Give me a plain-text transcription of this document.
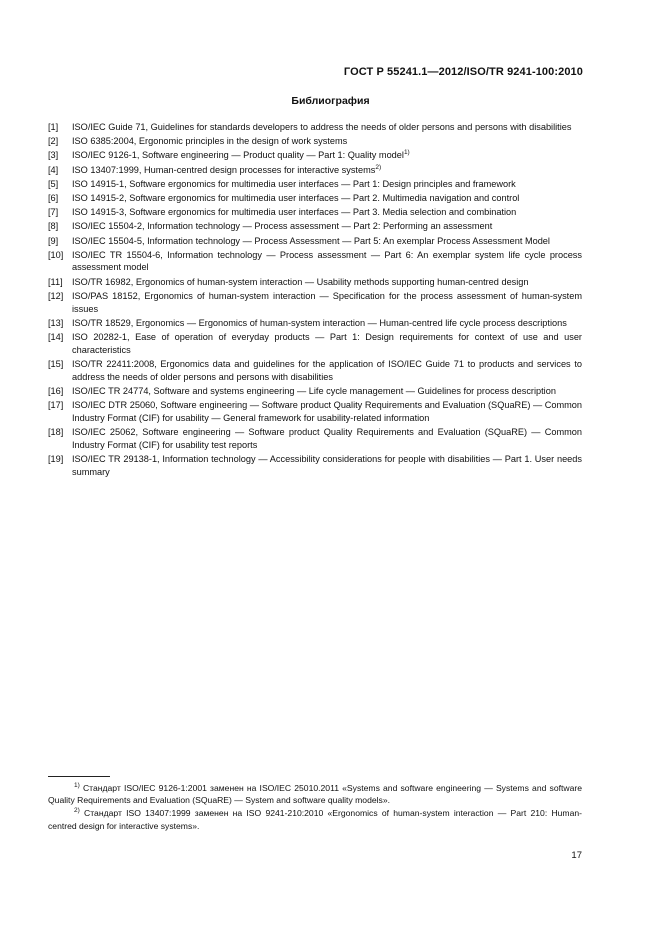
ГОСТ Р 55241.1—2012/ISO/TR 9241-100:2010
Библиография
[1]	ISO/IEC Guide 71, Guidelines for standards developers to address the needs of older persons and persons with disabilities
[2]	ISO 6385:2004, Ergonomic principles in the design of work systems
[3]	ISO/IEC 9126-1, Software engineering — Product quality — Part 1: Quality model$^{1)}$
[4]	ISO 13407:1999, Human-centred design processes for interactive systems$^{2)}$
[5]	ISO 14915-1, Software ergonomics for multimedia user interfaces — Part 1: Design principles and framework
[6]	ISO 14915-2, Software ergonomics for multimedia user interfaces — Part 2. Multimedia navigation and control
[7]	ISO 14915-3, Software ergonomics for multimedia user interfaces — Part 3. Media selection and combination
[8]	ISO/IEC 15504-2, Information technology — Process assessment — Part 2: Performing an assessment
[9]	ISO/IEC 15504-5, Information technology — Process Assessment — Part 5: An exemplar Process Assessment Model
[10] ISO/IEC TR 15504-6, Information technology — Process assessment — Part 6: An exemplar system life cycle process assessment model
[11]	ISO/TR 16982, Ergonomics of human-system interaction — Usability methods supporting human-centred design
[12] ISO/PAS 18152, Ergonomics of human-system interaction — Specification for the process assessment of human-system issues
[13] ISO/TR 18529, Ergonomics — Ergonomics of human-system interaction — Human-centred life cycle process descriptions
[14] ISO 20282-1, Ease of operation of everyday products — Part 1: Design requirements for context of use and user characteristics
[15] ISO/TR 22411:2008, Ergonomics data and guidelines for the application of ISO/IEC Guide 71 to products and services to address the needs of older persons and persons with disabilities
[16] ISO/IEC TR 24774, Software and systems engineering — Life cycle management — Guidelines for process description
[17] ISO/IEC DTR 25060, Software engineering — Software product Quality Requirements and Evaluation (SQuaRE) — Common Industry Format (CIF) for usability — General framework for usability-related information
[18] ISO/IEC 25062, Software engineering — Software product Quality Requirements and Evaluation (SQuaRE) — Common Industry Format (CIF) for usability test reports
[19] ISO/IEC TR 29138-1, Information technology — Accessibility considerations for people with disabilities — Part 1. User needs summary
$^{1)}$ Стандарт ISO/IEC 9126-1:2001 заменен на ISO/IEC 25010.2011 «Systems and software engineering — Systems and software Quality Requirements and Evaluation (SQuaRE) — System and software quality models».
$^{2)}$ Стандарт ISO 13407:1999 заменен на ISO 9241-210:2010 «Ergonomics of human-system interaction — Part 210: Human-centred design for interactive systems».
17
